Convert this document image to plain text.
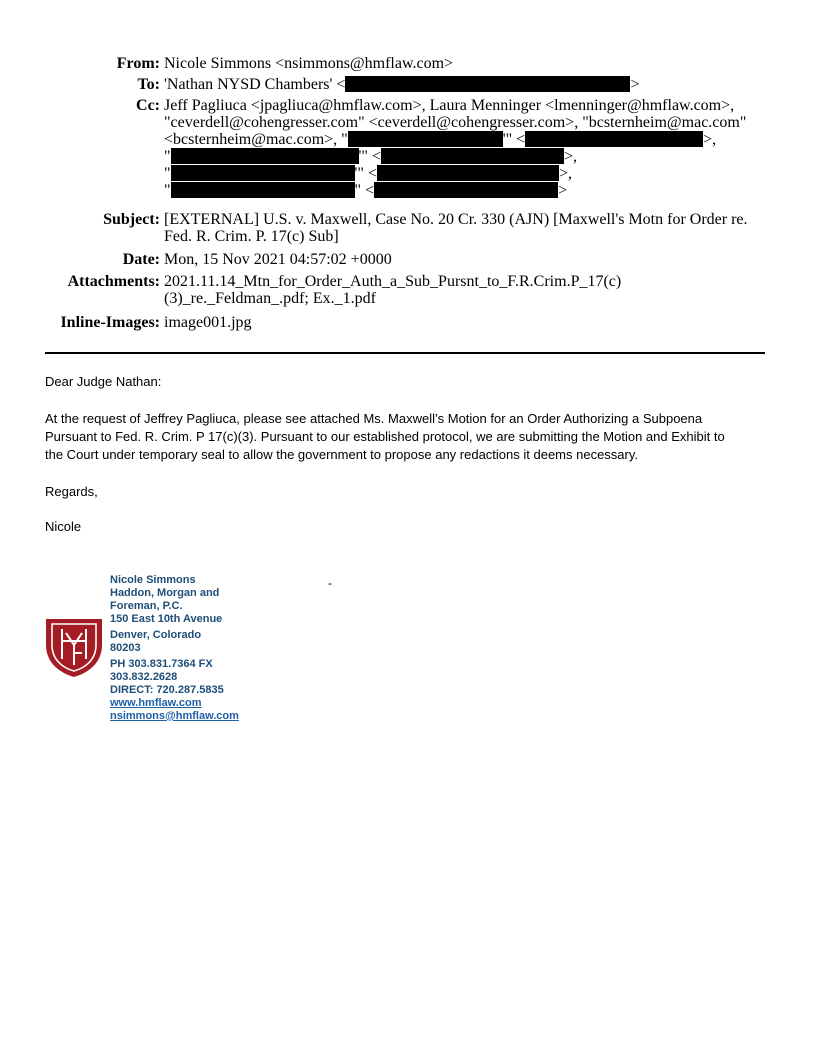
From: Nicole Simmons <nsimmons@hmflaw.com>
To: 'Nathan NYSD Chambers' <	>
Cc: Jeff Pagliuca <jpagliuca@hmflaw.com>, Laura Menninger <lmenninger@hmflaw.com>,
"ceverdell@cohengresser.com" <ceverdell@cohengresser.com>, "bcsternheim@mac.com"
<bcsternheim@mac.com>, "	'" <	>,
"	'" <	>,
"	'" <	>,
"	" <	>
Subject: [EXTERNAL] U.S. v. Maxwell, Case No. 20 Cr. 330 (AJN) [Maxwell's Motn for Order re.
Fed. R. Crim. P. 17(c) Sub]
Date: Mon, 15 Nov 2021 04:57:02 +0000
Attachments: 2021.11.14_Mtn_for_Order_Auth_a_Sub_Pursnt_to_F.R.Crim.P_17(c)
(3)_re._Feldman_.pdf; Ex._1.pdf
Inline-Images: image001.jpg
Dear Judge Nathan:
At the request of Jeffrey Pagliuca, please see attached Ms. Maxwell’s Motion for an Order Authorizing a Subpoena
Pursuant to Fed. R. Crim. P 17(c)(3). Pursuant to our established protocol, we are submitting the Motion and Exhibit to
the Court under temporary seal to allow the government to propose any redactions it deems necessary.
Regards,
Nicole
-
Nicole Simmons
Haddon, Morgan and
Foreman, P.C.
150 East 10th Avenue
Denver, Colorado
80203
PH 303.831.7364 FX
303.832.2628
DIRECT: 720.287.5835
www.hmflaw.com
nsimmons@hmflaw.com
